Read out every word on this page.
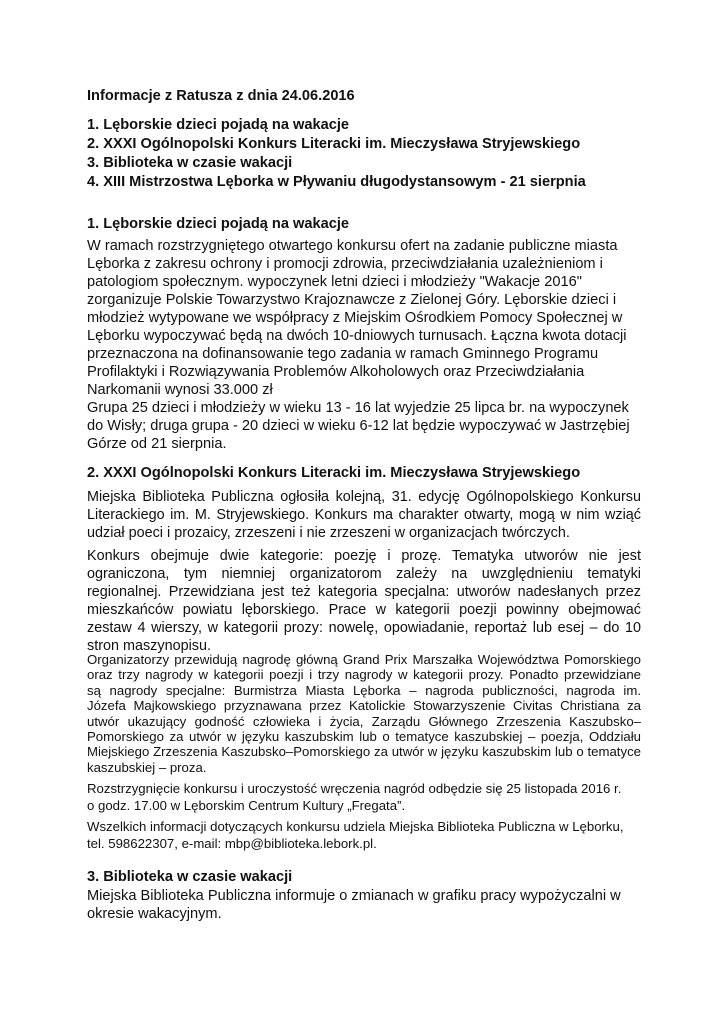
Informacje z Ratusza z dnia 24.06.2016
1. Lęborskie dzieci pojadą na wakacje
2. XXXI Ogólnopolski Konkurs Literacki im. Mieczysława Stryjewskiego
3. Biblioteka w czasie wakacji
4. XIII Mistrzostwa Lęborka w Pływaniu długodystansowym - 21 sierpnia
1. Lęborskie dzieci pojadą na wakacje
W ramach rozstrzygniętego otwartego konkursu ofert na zadanie publiczne miasta
Lęborka z zakresu ochrony i promocji zdrowia, przeciwdziałania uzależnieniom i
patologiom społecznym. wypoczynek letni dzieci i młodzieży "Wakacje 2016"
zorganizuje Polskie Towarzystwo Krajoznawcze z Zielonej Góry. Lęborskie dzieci i
młodzież wytypowane we współpracy z Miejskim Ośrodkiem Pomocy Społecznej w
Lęborku wypoczywać będą na dwóch 10-dniowych turnusach. Łączna kwota dotacji
przeznaczona na dofinansowanie tego zadania w ramach Gminnego Programu
Profilaktyki i Rozwiązywania Problemów Alkoholowych oraz Przeciwdziałania
Narkomanii wynosi 33.000 zł
Grupa 25 dzieci i młodzieży w wieku 13 - 16 lat wyjedzie 25 lipca br. na wypoczynek
do Wisły; druga grupa - 20 dzieci w wieku 6-12 lat będzie wypoczywać w Jastrzębiej
Górze od 21 sierpnia.
2. XXXI Ogólnopolski Konkurs Literacki im. Mieczysława Stryjewskiego
Miejska Biblioteka Publiczna ogłosiła kolejną, 31. edycję Ogólnopolskiego Konkursu
Literackiego im. M. Stryjewskiego. Konkurs ma charakter otwarty, mogą w nim wziąć
udział poeci i prozaicy, zrzeszeni i nie zrzeszeni w organizacjach twórczych.
Konkurs obejmuje dwie kategorie: poezję i prozę. Tematyka utworów nie jest
ograniczona, tym niemniej organizatorom zależy na uwzględnieniu tematyki
regionalnej. Przewidziana jest też kategoria specjalna: utworów nadesłanych przez
mieszkańców powiatu lęborskiego. Prace w kategorii poezji powinny obejmować
zestaw 4 wierszy, w kategorii prozy: nowelę, opowiadanie, reportaż lub esej – do 10
stron maszynopisu.
Organizatorzy przewidują nagrodę główną Grand Prix Marszałka Województwa Pomorskiego
oraz trzy nagrody w kategorii poezji i trzy nagrody w kategorii prozy. Ponadto przewidziane
są nagrody specjalne: Burmistrza Miasta Lęborka – nagroda publiczności, nagroda im.
Józefa Majkowskiego przyznawana przez Katolickie Stowarzyszenie Civitas Christiana za
utwór ukazujący godność człowieka i życia, Zarządu Głównego Zrzeszenia Kaszubsko–
Pomorskiego za utwór w języku kaszubskim lub o tematyce kaszubskiej – poezja, Oddziału
Miejskiego Zrzeszenia Kaszubsko–Pomorskiego za utwór w języku kaszubskim lub o tematyce
kaszubskiej – proza.
Rozstrzygnięcie konkursu i uroczystość wręczenia nagród odbędzie się 25 listopada 2016 r.
o godz. 17.00 w Lęborskim Centrum Kultury „Fregata”.
Wszelkich informacji dotyczących konkursu udziela Miejska Biblioteka Publiczna w Lęborku,
tel. 598622307, e-mail: mbp@biblioteka.lebork.pl.
3. Biblioteka w czasie wakacji
Miejska Biblioteka Publiczna informuje o zmianach w grafiku pracy wypożyczalni w
okresie wakacyjnym.
